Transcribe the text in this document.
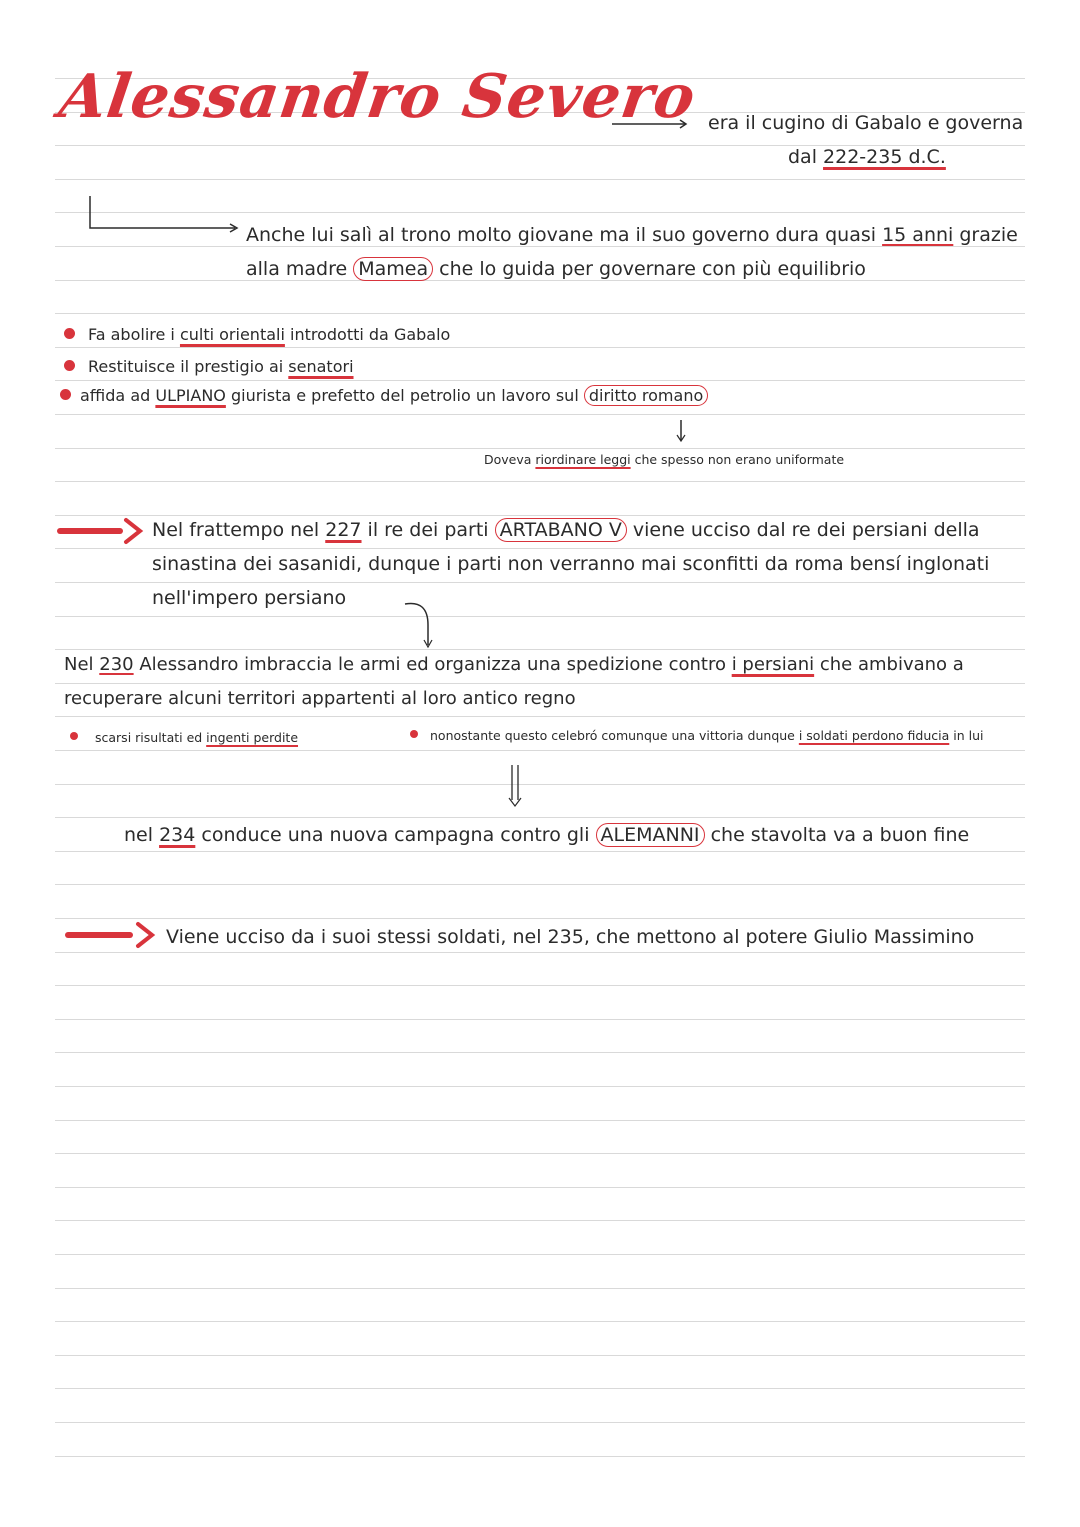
Alessandro Severo era il cugino di Gabalo e governa
dal 222-235 d.C.
Anche lui salì al trono molto giovane ma il suo governo dura quasi 15 anni grazie
alla madre Mamea che lo guida per governare con più equilibrio
Fa abolire i culti orientali introdotti da Gabalo
Restituisce il prestigio ai senatori
affida ad ULPIANO giurista e prefetto del petrolio un lavoro sul diritto romano
Doveva riordinare leggi che spesso non erano uniformate
Nel frattempo nel 227 il re dei parti ARTABANO V viene ucciso dal re dei persiani della
sinastina dei sasanidi, dunque i parti non verranno mai sconfitti da roma bensí inglonati
nell'impero persiano
Nel 230 Alessandro imbraccia le armi ed organizza una spedizione contro i persiani che ambivano a
recuperare alcuni territori appartenti al loro antico regno
scarsi risultati ed ingenti perdite	nonostante questo celebró comunque una vittoria dunque i soldati perdono fiducia in lui
nel 234 conduce una nuova campagna contro gli ALEMANNI che stavolta va a buon fine
Viene ucciso da i suoi stessi soldati, nel 235, che mettono al potere Giulio Massimino
